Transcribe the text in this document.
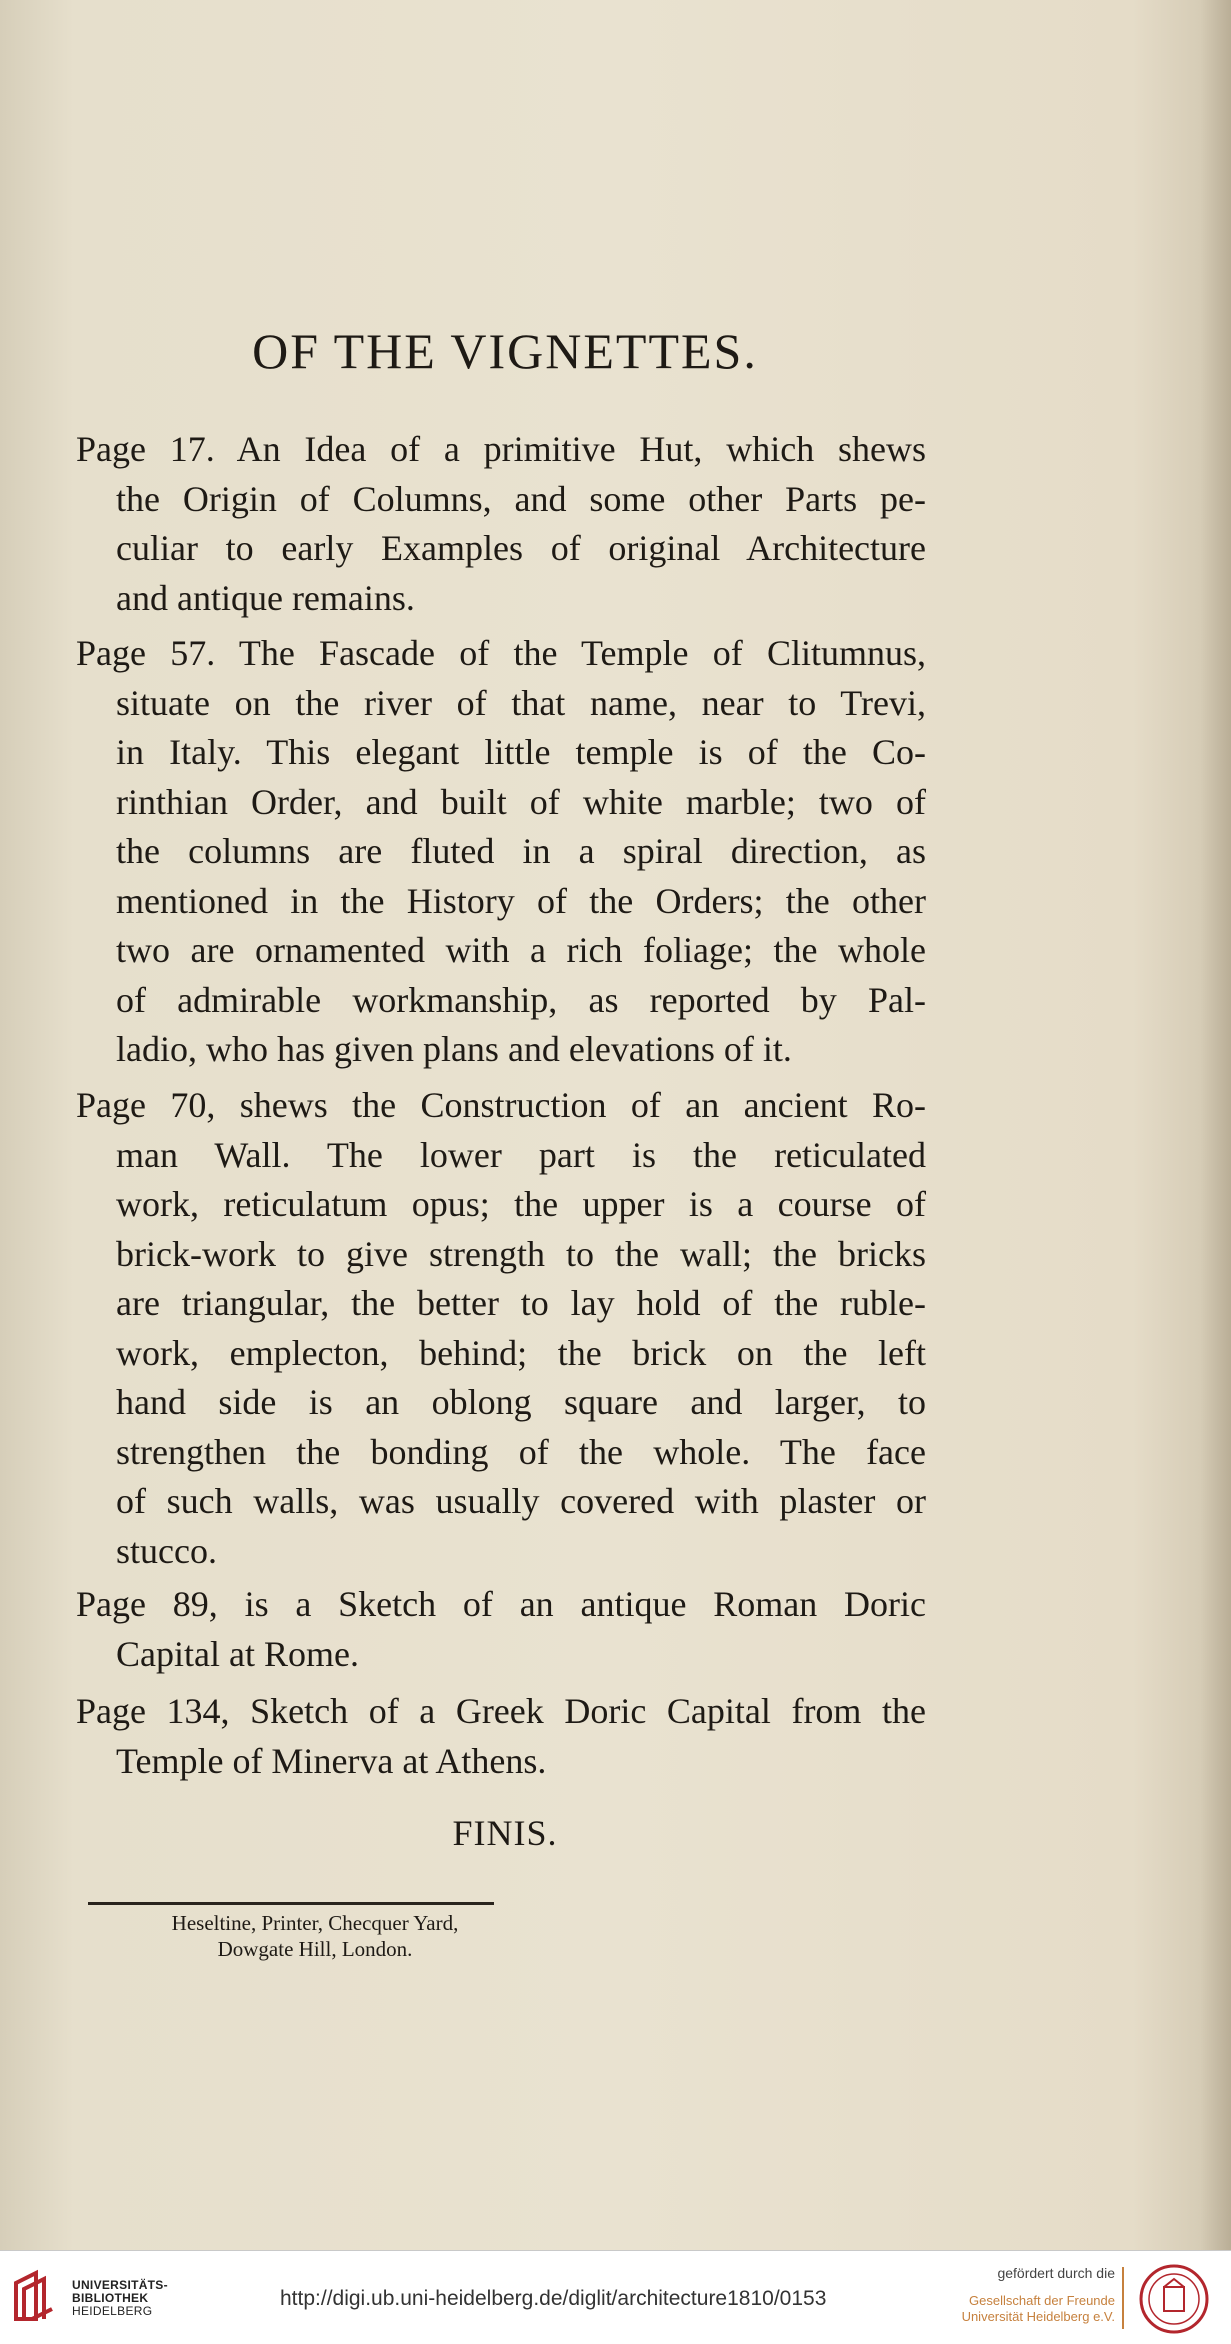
OF THE VIGNETTES.
Page 17. An Idea of a primitive Hut, which shews
the Origin of Columns, and some other Parts pe-
culiar to early Examples of original Architecture
and antique remains.
Page 57. The Fascade of the Temple of Clitumnus,
situate on the river of that name, near to Trevi,
in Italy. This elegant little temple is of the Co-
rinthian Order, and built of white marble; two of
the columns are fluted in a spiral direction, as
mentioned in the History of the Orders; the other
two are ornamented with a rich foliage; the whole
of admirable workmanship, as reported by Pal-
ladio, who has given plans and elevations of it.
Page 70, shews the Construction of an ancient Ro-
man Wall. The lower part is the reticulated
work, reticulatum opus; the upper is a course of
brick-work to give strength to the wall; the bricks
are triangular, the better to lay hold of the ruble-
work, emplecton, behind; the brick on the left
hand side is an oblong square and larger, to
strengthen the bonding of the whole. The face
of such walls, was usually covered with plaster or
stucco.
Page 89, is a Sketch of an antique Roman Doric
Capital at Rome.
Page 134, Sketch of a Greek Doric Capital from the
Temple of Minerva at Athens.
FINIS.
Heseltine, Printer, Checquer Yard,
Dowgate Hill, London.
UNIVERSITÄTS-
BIBLIOTHEK
HEIDELBERG
http://digi.ub.uni-heidelberg.de/diglit/architecture1810/0153
gefördert durch die
Gesellschaft der Freunde
Universität Heidelberg e.V.
